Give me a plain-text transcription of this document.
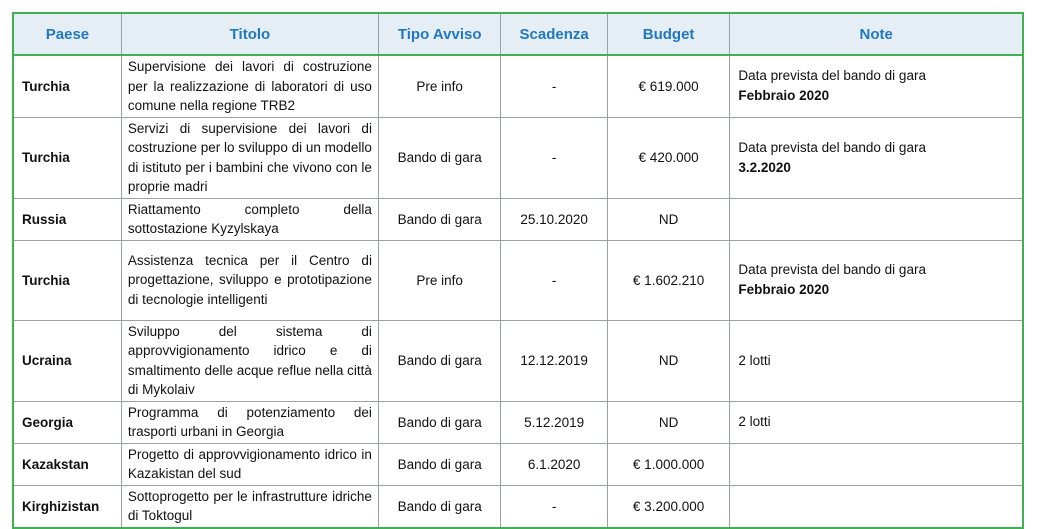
Paese	Titolo	Tipo Avviso	Scadenza	Budget	Note
Turchia	Supervisione dei lavori di costruzione per la realizzazione di laboratori di uso comune nella regione TRB2	Pre info	-	€ 619.000	Data prevista del bando di gara
Febbraio 2020

Turchia	Servizi di supervisione dei lavori di costruzione per lo sviluppo di un modello di istituto per i bambini che vivono con le proprie madri	Bando di gara	-	€ 420.000	Data prevista del bando di gara
3.2.2020

Russia	Riattamento completo della sottostazione Kyzylskaya	Bando di gara	25.10.2020	ND	

Turchia	Assistenza tecnica per il Centro di progettazione, sviluppo e prototipazione di tecnologie intelligenti	Pre info	-	€ 1.602.210	Data prevista del bando di gara
Febbraio 2020

Ucraina	Sviluppo del sistema di approvvigionamento idrico e di smaltimento delle acque reflue nella città di Mykolaiv	Bando di gara	12.12.2019	ND	2 lotti

Georgia	Programma di potenziamento dei trasporti urbani in Georgia	Bando di gara	5.12.2019	ND	2 lotti

Kazakstan	Progetto di approvvigionamento idrico in Kazakistan del sud	Bando di gara	6.1.2020	€ 1.000.000	

Kirghizistan	Sottoprogetto per le infrastrutture idriche di Toktogul	Bando di gara	-	€ 3.200.000	
